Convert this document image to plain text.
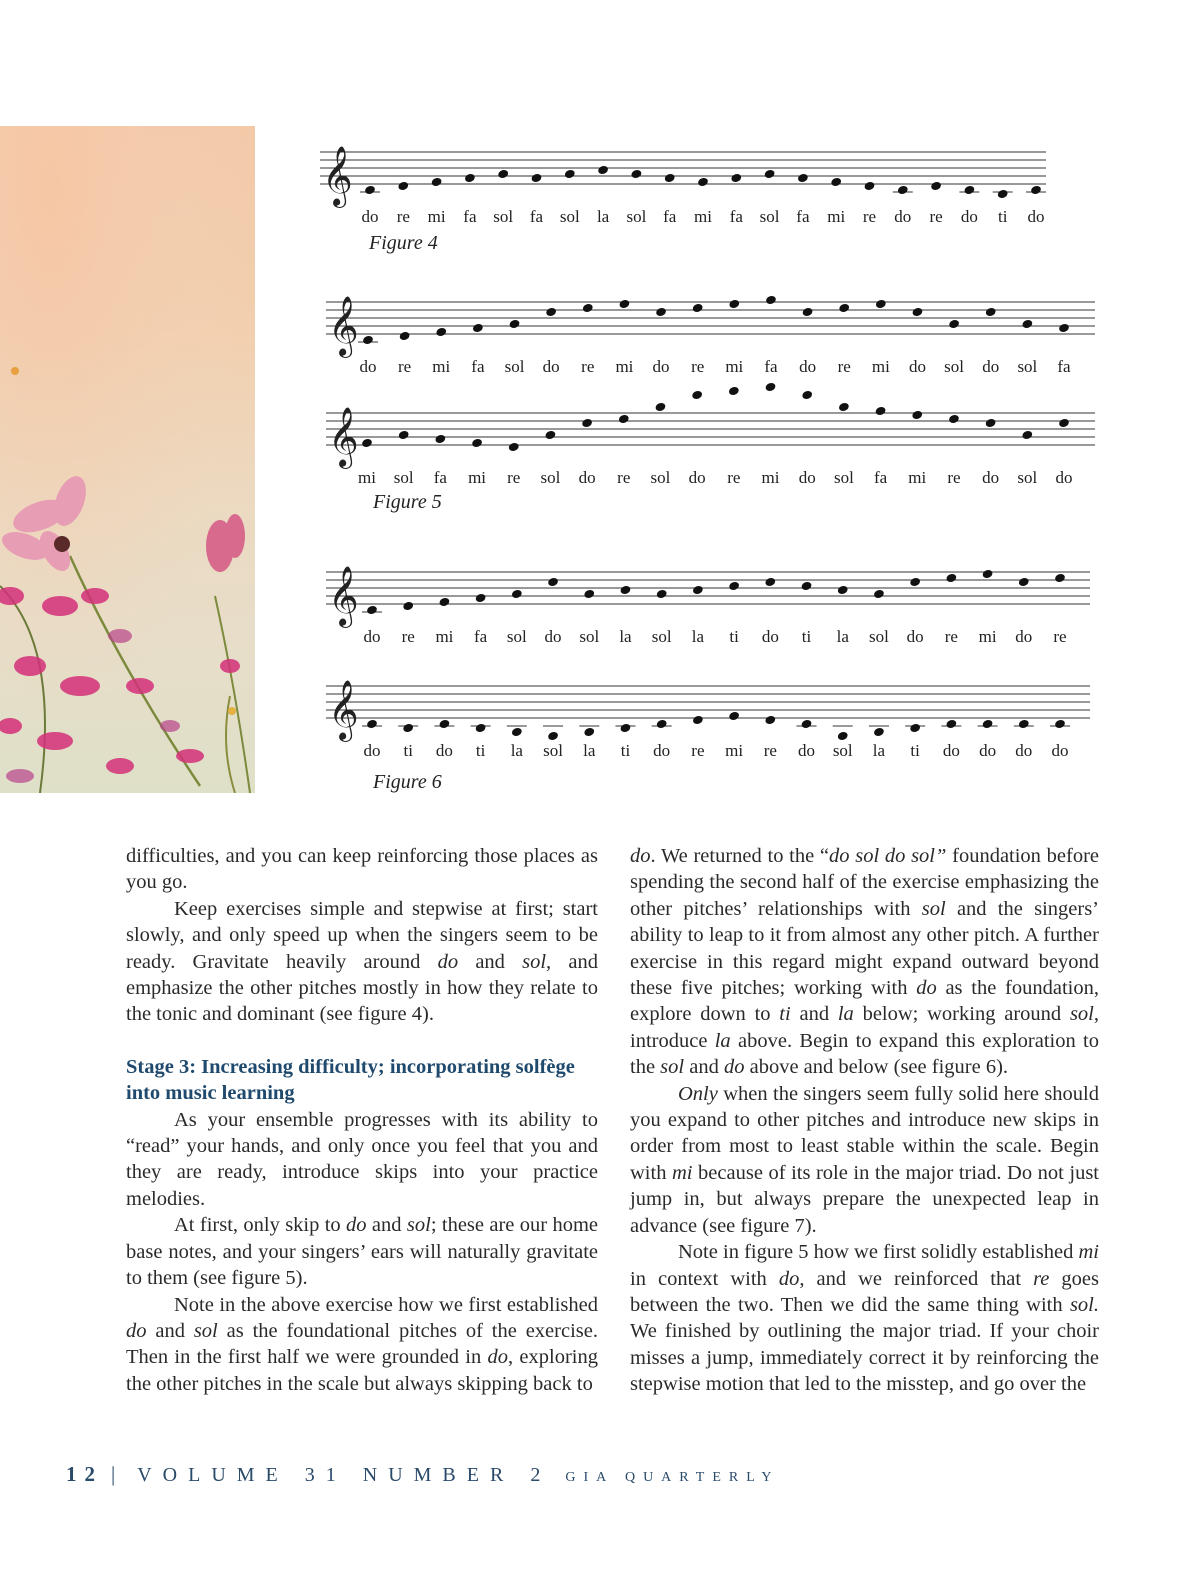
𝄞
do re mi fa sol fa sol la sol fa mi fa sol fa mi re do re do ti do
𝄞
do re mi fa sol do re mi do re mi fa do re mi do sol do sol fa
𝄞
mi sol fa mi re sol do re sol do re mi do sol fa mi re do sol do
𝄞
do re mi fa sol do sol la sol la ti do ti la sol do re mi do re
𝄞
do ti do ti la sol la ti do re mi re do sol la ti do do do do

Figure 4

Figure 5

Figure 6

difficulties, and you can keep reinforcing those places as you go.

Keep exercises simple and stepwise at first; start slowly, and only speed up when the singers seem to be ready. Gravitate heavily around do and sol, and emphasize the other pitches mostly in how they relate to the tonic and dominant (see figure 4).

Stage 3: Increasing difficulty; incorporating solfège into music learning

As your ensemble progresses with its ability to “read” your hands, and only once you feel that you and they are ready, introduce skips into your practice melodies.

At first, only skip to do and sol; these are our home base notes, and your singers’ ears will naturally gravitate to them (see figure 5).

Note in the above exercise how we first established do and sol as the foundational pitches of the exercise. Then in the first half we were grounded in do, exploring the other pitches in the scale but always skipping back to

do. We returned to the “do sol do sol” foundation before spending the second half of the exercise emphasizing the other pitches’ relationships with sol and the singers’ ability to leap to it from almost any other pitch. A further exercise in this regard might expand outward beyond these five pitches; working with do as the foundation, explore down to ti and la below; working around sol, introduce la above. Begin to expand this exploration to the sol and do above and below (see figure 6).

Only when the singers seem fully solid here should you expand to other pitches and introduce new skips in order from most to least stable within the scale. Begin with mi because of its role in the major triad. Do not just jump in, but always prepare the unexpected leap in advance (see figure 7).

Note in figure 5 how we first solidly established mi in context with do, and we reinforced that re goes between the two. Then we did the same thing with sol. We finished by outlining the major triad. If your choir misses a jump, immediately correct it by reinforcing the stepwise motion that led to the misstep, and go over the

12 | VOLUME 31 NUMBER 2 GIA QUARTERLY
